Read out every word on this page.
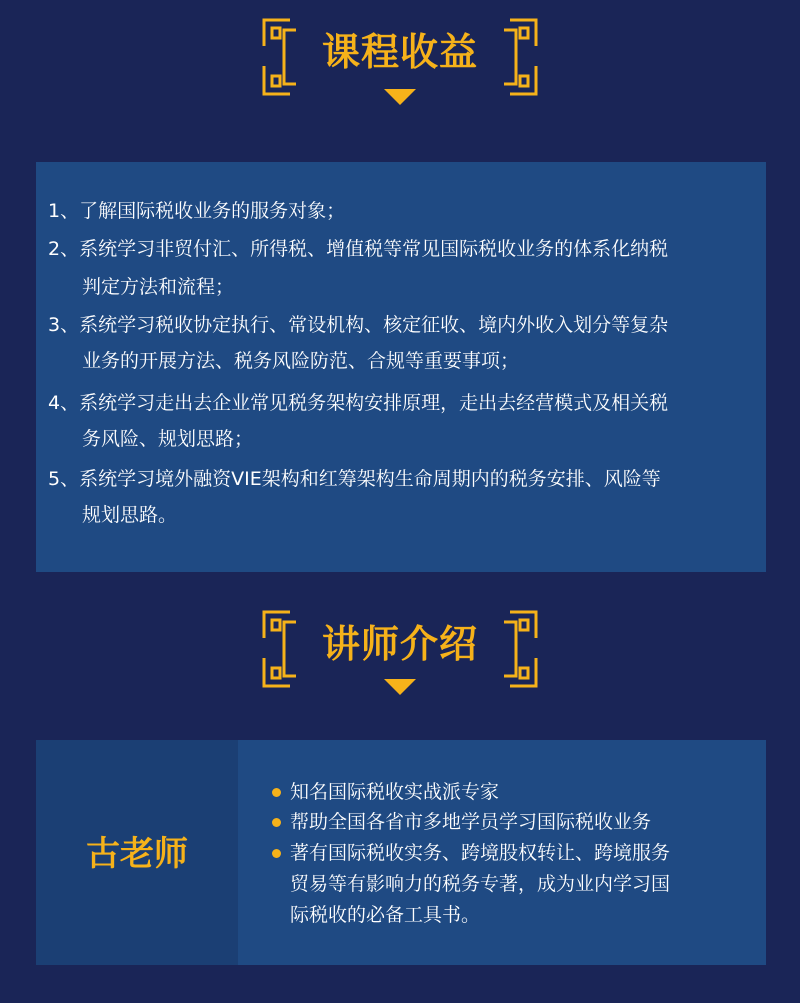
课程收益
1、了解国际税收业务的服务对象；
2、系统学习非贸付汇、所得税、增值税等常见国际税收业务的体系化纳税
判定方法和流程；
3、系统学习税收协定执行、常设机构、核定征收、境内外收入划分等复杂
业务的开展方法、税务风险防范、合规等重要事项；
4、系统学习走出去企业常见税务架构安排原理，走出去经营模式及相关税
务风险、规划思路；
5、系统学习境外融资VIE架构和红筹架构生命周期内的税务安排、风险等
规划思路。
讲师介绍
古老师
知名国际税收实战派专家
帮助全国各省市多地学员学习国际税收业务
著有国际税收实务、跨境股权转让、跨境服务
贸易等有影响力的税务专著，成为业内学习国
际税收的必备工具书。
